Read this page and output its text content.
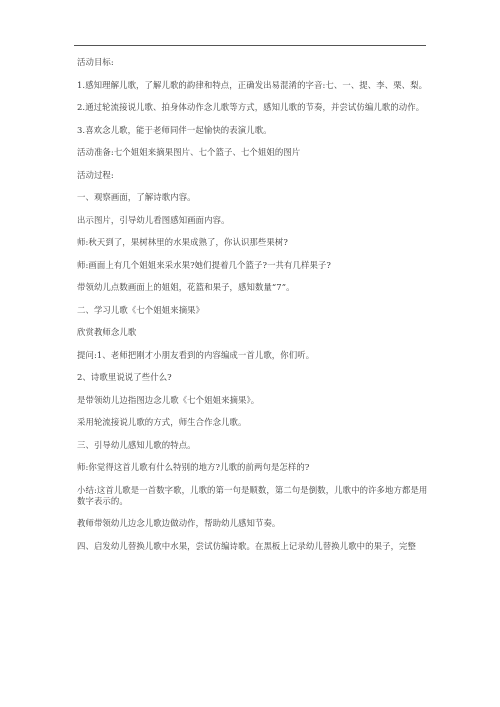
活动目标:

1.感知理解儿歌，了解儿歌的韵律和特点，正确发出易混淆的字音:七、一、提、李、栗、梨。

2.通过轮流接说儿歌、拍身体动作念儿歌等方式，感知儿歌的节奏，并尝试仿编儿歌的动作。

3.喜欢念儿歌，能于老师同伴一起愉快的表演儿歌。

活动准备:七个姐姐来摘果图片、七个篮子、七个姐姐的图片

活动过程:

一、观察画面，了解诗歌内容。

出示图片，引导幼儿看图感知画面内容。

师:秋天到了，果树林里的水果成熟了，你认识那些果树?

师:画面上有几个姐姐来采水果?她们提着几个篮子?一共有几样果子?

带领幼儿点数画面上的姐姐，花篮和果子，感知数量“7”。

二、学习儿歌《七个姐姐来摘果》

欣赏教师念儿歌

提问:1、老师把刚才小朋友看到的内容编成一首儿歌，你们听。

2、诗歌里说说了些什么?

是带领幼儿边指图边念儿歌《七个姐姐来摘果》。

采用轮流接说儿歌的方式，师生合作念儿歌。

三、引导幼儿感知儿歌的特点。

师:你觉得这首儿歌有什么特别的地方?儿歌的前两句是怎样的?

小结:这首儿歌是一首数字歌，儿歌的第一句是顺数，第二句是倒数，儿歌中的许多地方都是用数字表示的。

教师带领幼儿边念儿歌边做动作，帮助幼儿感知节奏。

四、启发幼儿替换儿歌中水果，尝试仿编诗歌。在黑板上记录幼儿替换儿歌中的果子，完整
